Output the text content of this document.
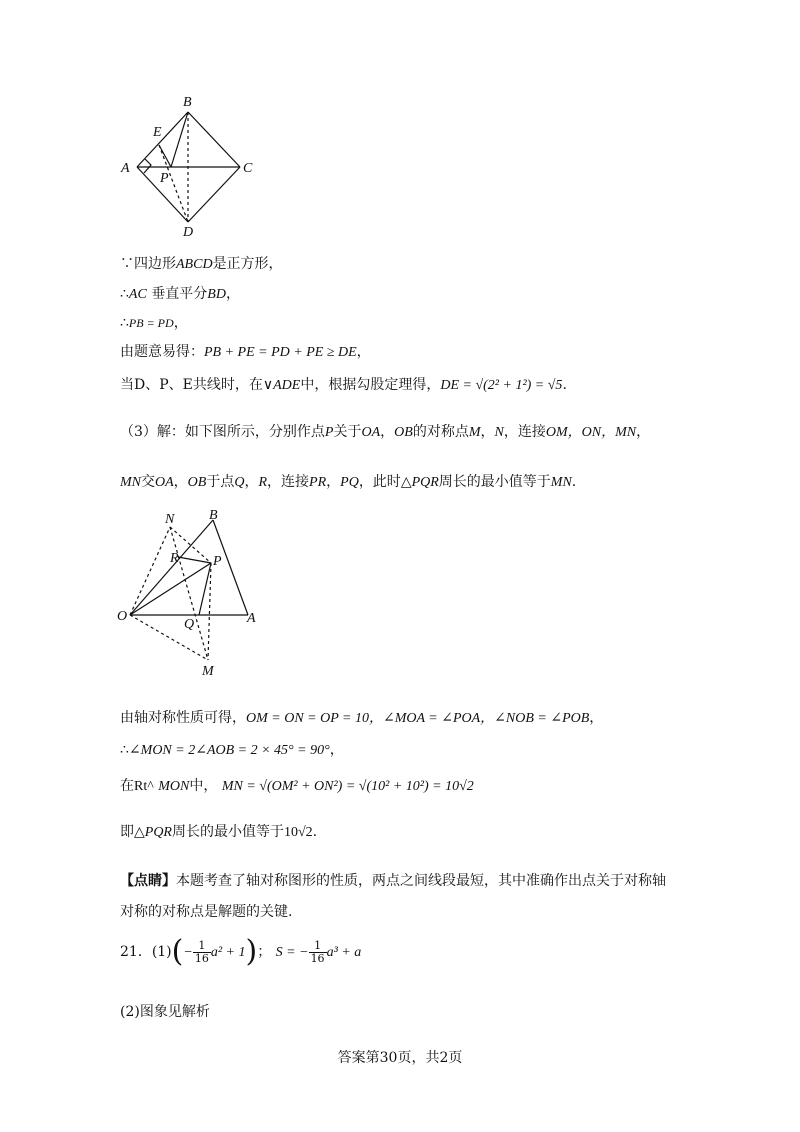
B
E
A	C
P
D
∵四边形ABCD是正方形，
∴AC 垂直平分BD，
∴PB = PD，
由题意易得：PB + PE = PD + PE ≥ DE，
当D、P、E共线时，在∨ADE中，根据勾股定理得，DE = √(2² + 1²) = √5.
（3）解：如下图所示，分别作点P关于OA，OB的对称点M，N，连接OM，ON，MN，
MN交OA，OB于点Q，R，连接PR，PQ，此时△PQR周长的最小值等于MN.
N B
R P
O
Q	A
M
由轴对称性质可得，OM = ON = OP = 10，∠MOA = ∠POA，∠NOB = ∠POB，
∴∠MON = 2∠AOB = 2 × 45° = 90°，
在Rt^ MON中， MN = √(OM² + ON²) = √(10² + 10²) = 10√2
即△PQR周长的最小值等于10√2.
【点睛】本题考查了轴对称图形的性质，两点之间线段最短，其中准确作出点关于对称轴
对称的对称点是解题的关键.
21．$(1)(- \frac{1}{16} a^2 + 1)$； S = − $\frac{1}{16} a^3 + a$
(2)图象见解析
答案第30页，共2页
